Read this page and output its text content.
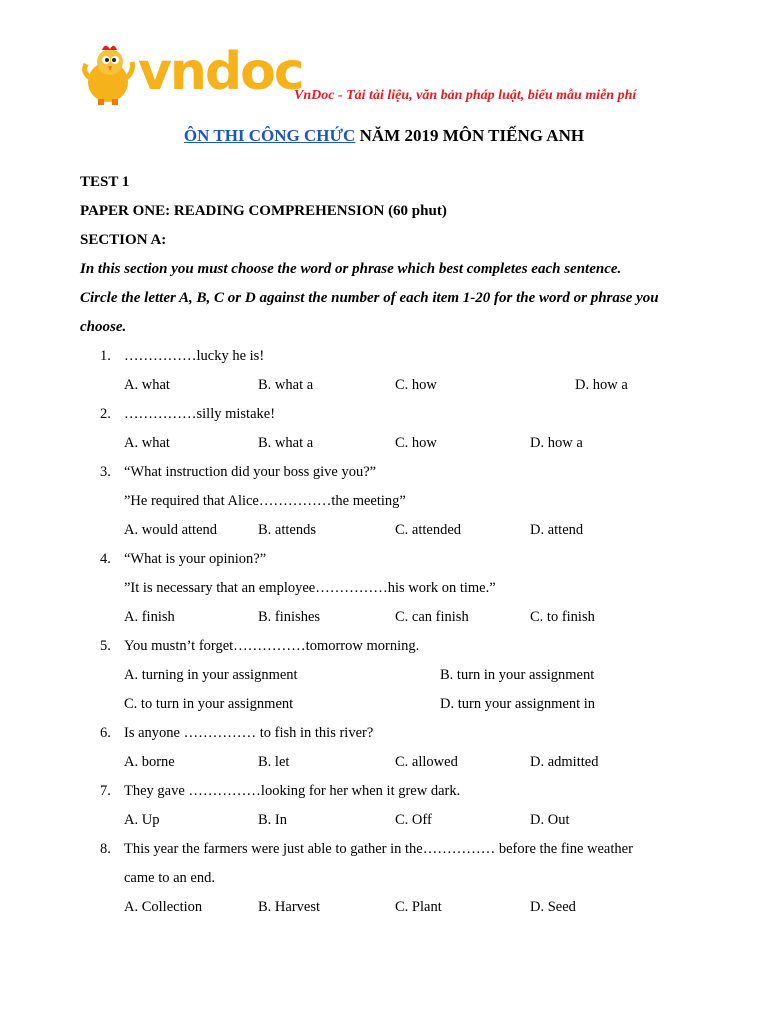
vndoc
VnDoc - Tải tài liệu, văn bản pháp luật, biểu mẫu miễn phí
ÔN THI CÔNG CHỨC NĂM 2019 MÔN TIẾNG ANH
TEST 1
PAPER ONE: READING COMPREHENSION (60 phut)
SECTION A:
In this section you must choose the word or phrase which best completes each sentence.
Circle the letter A, B, C or D against the number of each item 1-20 for the word or phrase you
choose.
1. ……………lucky he is!
A. what	B. what a	C. how	D. how a
2. ……………silly mistake!
A. what	B. what a	C. how	D. how a
3. “What instruction did your boss give you?”
”He required that Alice……………the meeting”
A. would attend	B. attends	C. attended	D. attend
4. “What is your opinion?”
”It is necessary that an employee……………his work on time.”
A. finish	B. finishes	C. can finish	C. to finish
5. You mustn’t forget……………tomorrow morning.
A. turning in your assignment	B. turn in your assignment
C. to turn in your assignment	D. turn your assignment in
6. Is anyone …………… to fish in this river?
A. borne	B. let	C. allowed	D. admitted
7. They gave ……………looking for her when it grew dark.
A. Up	B. In	C. Off	D. Out
8. This year the farmers were just able to gather in the…………… before the fine weather
came to an end.
A. Collection	B. Harvest	C. Plant	D. Seed
